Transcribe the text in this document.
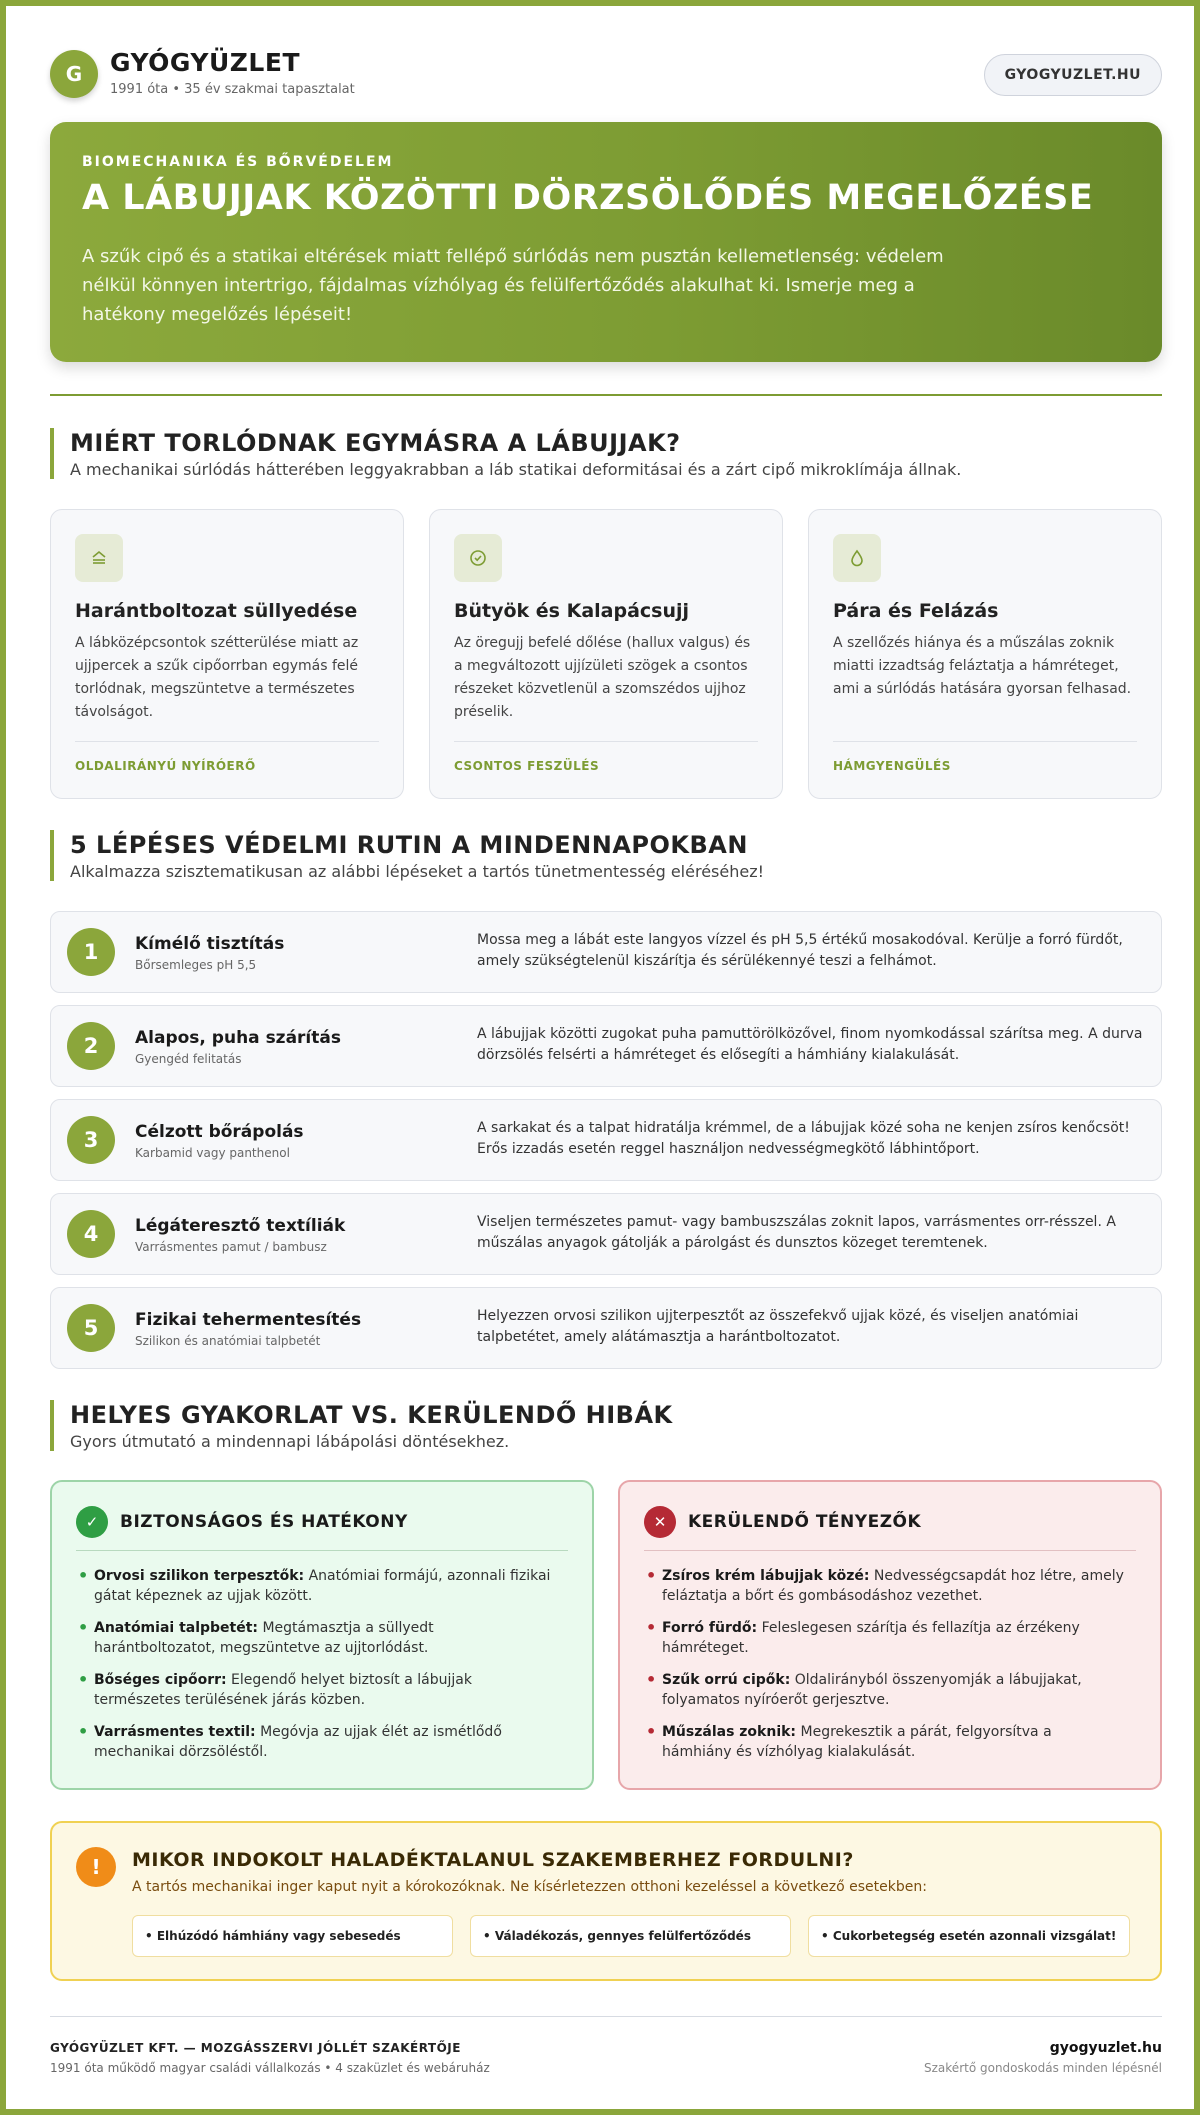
G	GYÓGYÜZLET
1991 óta • 35 év szakmai tapasztalat
GYOGYUZLET.HU
BIOMECHANIKA ÉS BŐRVÉDELEM
A LÁBUJJAK KÖZÖTTI DÖRZSÖLŐDÉS MEGELŐZÉSE
A szűk cipő és a statikai eltérések miatt fellépő súrlódás nem pusztán kellemetlenség: védelem nélkül könnyen intertrigo, fájdalmas vízhólyag és felülfertőződés alakulhat ki. Ismerje meg a hatékony megelőzés lépéseit!
MIÉRT TORLÓDNAK EGYMÁSRA A LÁBUJJAK?
A mechanikai súrlódás hátterében leggyakrabban a láb statikai deformitásai és a zárt cipő mikroklímája állnak.
Harántboltozat süllyedése
A lábközépcsontok szétterülése miatt az ujjpercek a szűk cipőorrban egymás felé torlódnak, megszüntetve a természetes távolságot.
OLDALIRÁNYÚ NYÍRÓERŐ
Bütyök és Kalapácsujj
Az öregujj befelé dőlése (hallux valgus) és a megváltozott ujjízületi szögek a csontos részeket közvetlenül a szomszédos ujjhoz préselik.
CSONTOS FESZÜLÉS
Pára és Felázás
A szellőzés hiánya és a műszálas zoknik miatti izzadtság feláztatja a hámréteget, ami a súrlódás hatására gyorsan felhasad.
HÁMGYENGÜLÉS
5 LÉPÉSES VÉDELMI RUTIN A MINDENNAPOKBAN
Alkalmazza szisztematikusan az alábbi lépéseket a tartós tünetmentesség eléréséhez!
1	Kímélő tisztítás
Bőrsemleges pH 5,5
Mossa meg a lábát este langyos vízzel és pH 5,5 értékű mosakodóval. Kerülje a forró fürdőt, amely szükségtelenül kiszárítja és sérülékennyé teszi a felhámot.
2	Alapos, puha szárítás
Gyengéd felitatás
A lábujjak közötti zugokat puha pamuttörölközővel, finom nyomkodással szárítsa meg. A durva dörzsölés felsérti a hámréteget és elősegíti a hámhiány kialakulását.
3	Célzott bőrápolás
Karbamid vagy panthenol
A sarkakat és a talpat hidratálja krémmel, de a lábujjak közé soha ne kenjen zsíros kenőcsöt! Erős izzadás esetén reggel használjon nedvességmegkötő lábhintőport.
4	Légáteresztő textíliák
Varrásmentes pamut / bambusz
Viseljen természetes pamut- vagy bambuszszálas zoknit lapos, varrásmentes orr-résszel. A műszálas anyagok gátolják a párolgást és dunsztos közeget teremtenek.
5	Fizikai tehermentesítés
Szilikon és anatómiai talpbetét
Helyezzen orvosi szilikon ujjterpesztőt az összefekvő ujjak közé, és viseljen anatómiai talpbetétet, amely alátámasztja a harántboltozatot.
HELYES GYAKORLAT VS. KERÜLENDŐ HIBÁK
Gyors útmutató a mindennapi lábápolási döntésekhez.
✓	BIZTONSÁGOS ÉS HATÉKONY
• Orvosi szilikon terpesztők: Anatómiai formájú, azonnali fizikai gátat képeznek az ujjak között.
• Anatómiai talpbetét: Megtámasztja a süllyedt harántboltozatot, megszüntetve az ujjtorlódást.
• Bőséges cipőorr: Elegendő helyet biztosít a lábujjak természetes terülésének járás közben.
• Varrásmentes textil: Megóvja az ujjak élét az ismétlődő mechanikai dörzsöléstől.
✕	KERÜLENDŐ TÉNYEZŐK
• Zsíros krém lábujjak közé: Nedvességcsapdát hoz létre, amely feláztatja a bőrt és gombásodáshoz vezethet.
• Forró fürdő: Feleslegesen szárítja és fellazítja az érzékeny hámréteget.
• Szűk orrú cipők: Oldalirányból összenyomják a lábujjakat, folyamatos nyíróerőt gerjesztve.
• Műszálas zoknik: Megrekesztik a párát, felgyorsítva a hámhiány és vízhólyag kialakulását.
!	MIKOR INDOKOLT HALADÉKTALANUL SZAKEMBERHEZ FORDULNI?
A tartós mechanikai inger kaput nyit a kórokozóknak. Ne kísérletezzen otthoni kezeléssel a következő esetekben:
• Elhúzódó hámhiány vagy sebesedés	• Váladékozás, gennyes felülfertőződés	• Cukorbetegség esetén azonnali vizsgálat!
GYÓGYÜZLET KFT. — MOZGÁSSZERVI JÓLLÉT SZAKÉRTŐJE
1991 óta működő magyar családi vállalkozás • 4 szaküzlet és webáruház
gyogyuzlet.hu
Szakértő gondoskodás minden lépésnél
